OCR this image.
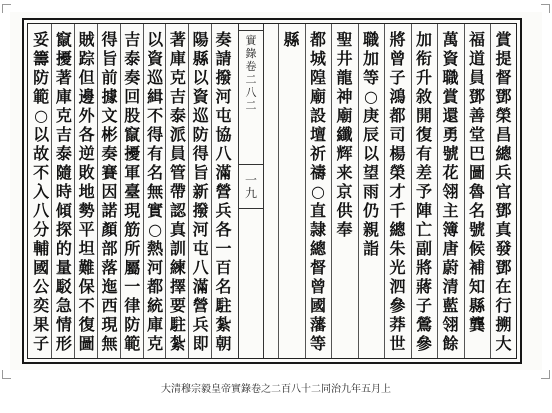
賞
提
督
鄧
榮
昌
總
兵
官
鄧
真
發
鄧
在
行
搠
大
福
道
員
鄧
善
堂
巴
圖
魯
名
號
候
補
知
縣
龔
萬
資
職
賞
還
勇
號
花
翎
主
簿
唐
蔚
清
藍
翎
餘
加
衔
升
敘
開
復
有
差
予
陣
亡
副
將
蔣
子
鶯
參
將
曾
子
鴻
都
司
楊
榮
才
千
總
朱
光
泗
參
莽
世
職
加
等
○
庚
辰
以
望
雨
仍
親
詣
聖
井
龍
神
廟
纖
辉
来
京
供
奉
都
城
隍
廟
設
壇
祈
禱
○
直
隷
總
督
曾
國
藩
等
縣
奏
請
撥
河
屯
協
八
滿
營
兵
各
一
百
名
駐
紮
朝
陽
縣
以
資
巡
防
得
旨
新
撥
河
屯
八
滿
營
兵
即
著
庫
克
吉
泰
派
員
管
帶
認
真
訓
練
擇
要
駐
紮
以
資
巡
緝
不
得
有
名
無
實
○
熱
河
都
統
庫
克
吉
泰
奏
回
股
竄
擾
軍
臺
現
筋
所
屬
一
律
防
範
得
旨
前
據
文
彬
奏
賽
因
諾
顏
部
落
迤
西
現
無
賊
踪
但
邊
外
各
逆
敗
地
勢
平
坦
難
保
不
復
圖
竄
擾
著
庫
克
吉
泰
隨
時
傾
探
的
量
駁
急
情
形
妥
籌
防
範
○
以
故
不
入
八
分
輔
國
公
奕
果
子
實
錄
卷
二
八
二
一
九
大清穆宗毅皇帝實錄卷之二百八十二同治九年五月上
